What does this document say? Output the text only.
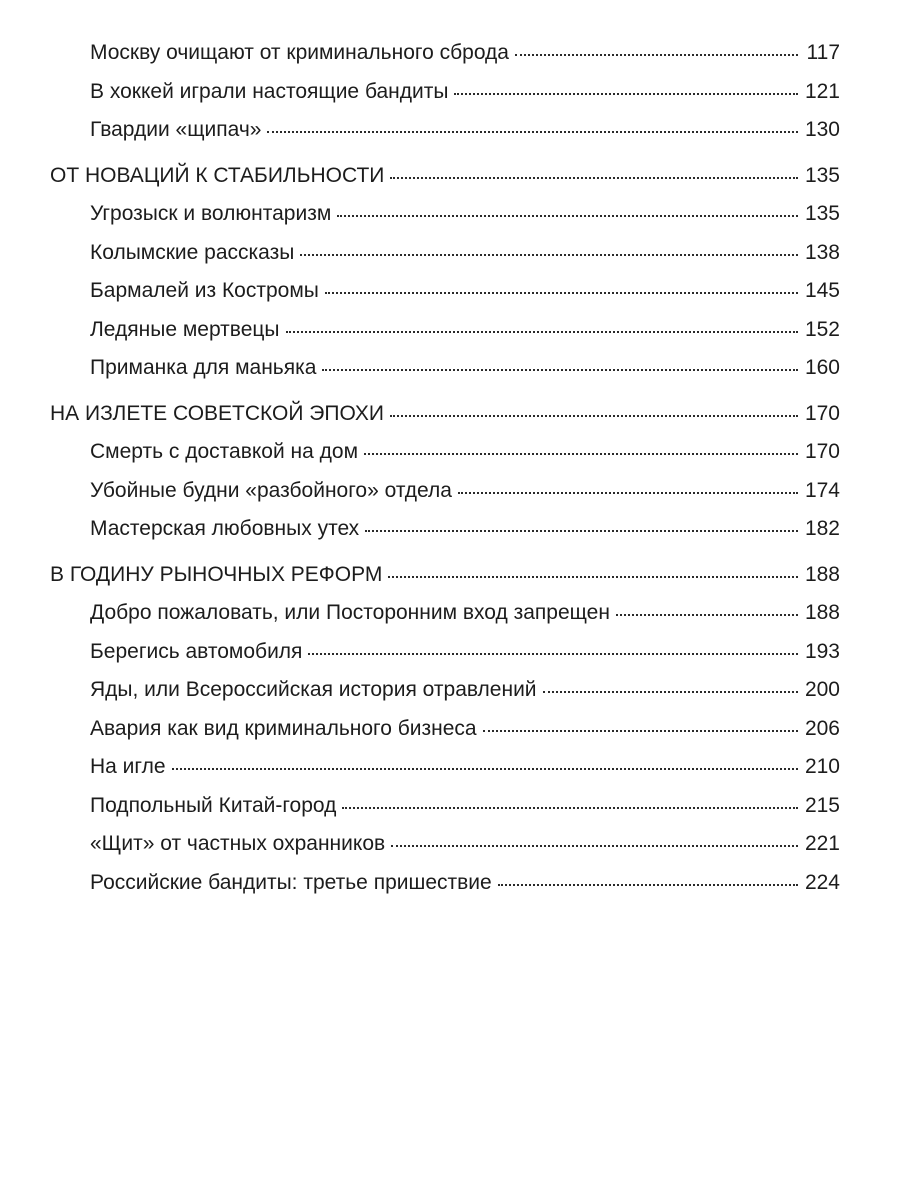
Москву очищают от криминального сброда	117
В хоккей играли настоящие бандиты	121
Гвардии «щипач»	130
ОТ НОВАЦИЙ К СТАБИЛЬНОСТИ	135
Угрозыск и волюнтаризм	135
Колымские рассказы	138
Бармалей из Костромы	145
Ледяные мертвецы	152
Приманка для маньяка	160
НА ИЗЛЕТЕ СОВЕТСКОЙ ЭПОХИ	170
Смерть с доставкой на дом	170
Убойные будни «разбойного» отдела	174
Мастерская любовных утех	182
В ГОДИНУ РЫНОЧНЫХ РЕФОРМ	188
Добро пожаловать, или Посторонним вход запрещен	188
Берегись автомобиля	193
Яды, или Всероссийская история отравлений	200
Авария как вид криминального бизнеса	206
На игле	210
Подпольный Китай-город	215
«Щит» от частных охранников	221
Российские бандиты: третье пришествие	224
